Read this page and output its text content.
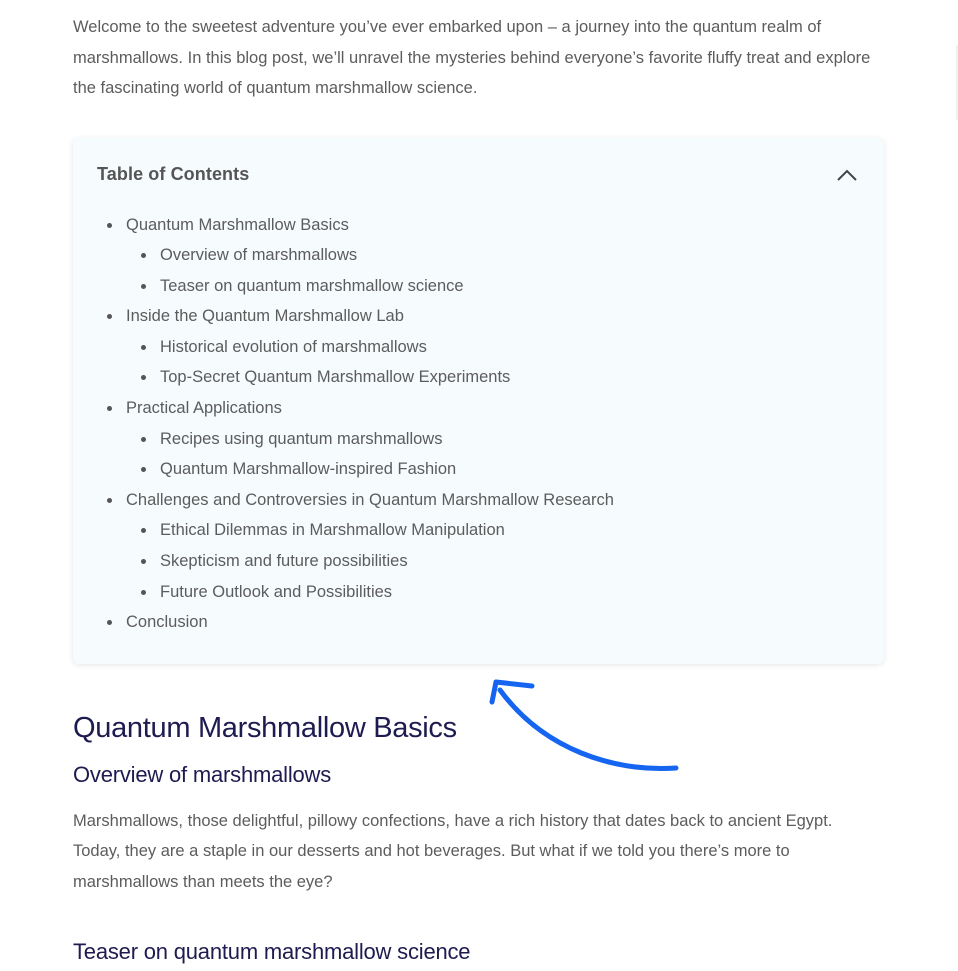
Welcome to the sweetest adventure you’ve ever embarked upon – a journey into the quantum realm of marshmallows. In this blog post, we’ll unravel the mysteries behind everyone’s favorite fluffy treat and explore the fascinating world of quantum marshmallow science.

Table of Contents
Quantum Marshmallow Basics
Overview of marshmallows
Teaser on quantum marshmallow science
Inside the Quantum Marshmallow Lab
Historical evolution of marshmallows
Top-Secret Quantum Marshmallow Experiments
Practical Applications
Recipes using quantum marshmallows
Quantum Marshmallow-inspired Fashion
Challenges and Controversies in Quantum Marshmallow Research
Ethical Dilemmas in Marshmallow Manipulation
Skepticism and future possibilities
Future Outlook and Possibilities
Conclusion
Quantum Marshmallow Basics
Overview of marshmallows

Marshmallows, those delightful, pillowy confections, have a rich history that dates back to ancient Egypt. Today, they are a staple in our desserts and hot beverages. But what if we told you there’s more to marshmallows than meets the eye?

Teaser on quantum marshmallow science
